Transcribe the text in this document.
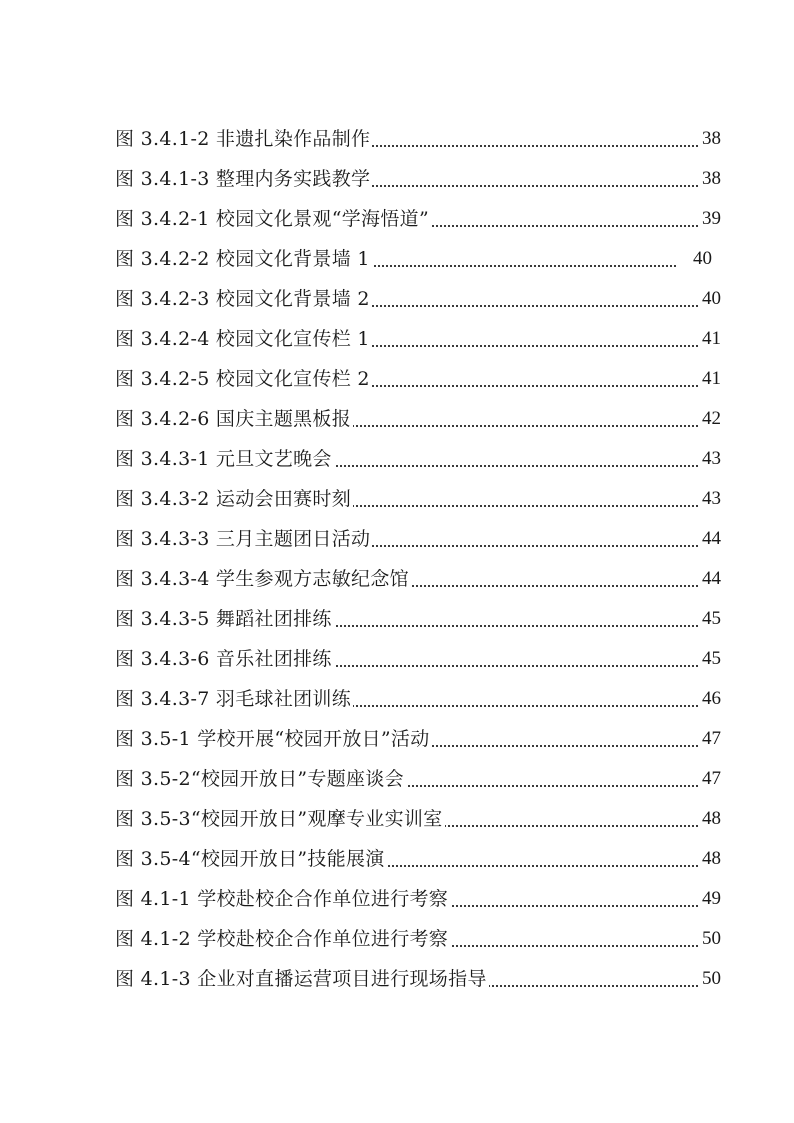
图 3.4.1-2 非遗扎染作品制作	38
图 3.4.1-3 整理内务实践教学	38
图 3.4.2-1 校园文化景观“学海悟道”	39
图 3.4.2-2 校园文化背景墙 1	40
图 3.4.2-3 校园文化背景墙 2	40
图 3.4.2-4 校园文化宣传栏 1	41
图 3.4.2-5 校园文化宣传栏 2	41
图 3.4.2-6 国庆主题黑板报	42
图 3.4.3-1 元旦文艺晚会	43
图 3.4.3-2 运动会田赛时刻	43
图 3.4.3-3 三月主题团日活动	44
图 3.4.3-4 学生参观方志敏纪念馆	44
图 3.4.3-5 舞蹈社团排练	45
图 3.4.3-6 音乐社团排练	45
图 3.4.3-7 羽毛球社团训练	46
图 3.5-1 学校开展“校园开放日”活动	47
图 3.5-2“校园开放日”专题座谈会	47
图 3.5-3“校园开放日”观摩专业实训室	48
图 3.5-4“校园开放日”技能展演	48
图 4.1-1 学校赴校企合作单位进行考察	49
图 4.1-2 学校赴校企合作单位进行考察	50
图 4.1-3 企业对直播运营项目进行现场指导	50
